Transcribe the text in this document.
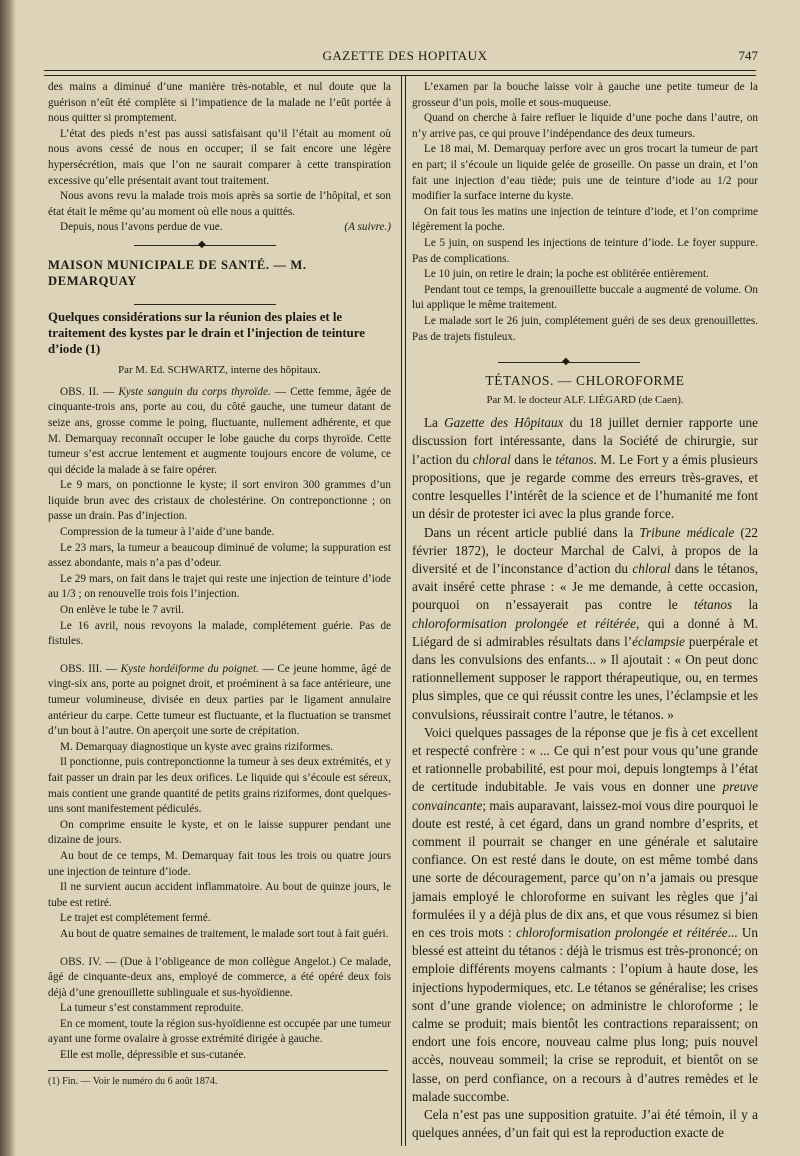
GAZETTE DES HOPITAUX	747

des mains a diminué d’une manière très-notable, et nul doute que la guérison n’eût été complète si l’impatience de la malade ne l’eût portée à nous quitter si promptement.

L’état des pieds n’est pas aussi satisfaisant qu’il l’était au moment où nous avons cessé de nous en occuper; il se fait encore une légère hypersécrétion, mais que l’on ne saurait comparer à cette transpiration excessive qu’elle présentait avant tout traitement.

Nous avons revu la malade trois mois après sa sortie de l’hôpital, et son état était le même qu’au moment où elle nous a quittés.

Depuis, nous l’avons perdue de vue.	(A suivre.)

◆

MAISON MUNICIPALE DE SANTÉ. — M. DEMARQUAY

Quelques considérations sur la réunion des plaies et le traitement des kystes par le drain et l’injection de teinture d’iode (1)

Par M. Ed. SCHWARTZ, interne des hôpitaux.

OBS. II. — Kyste sanguin du corps thyroïde. — Cette femme, âgée de cinquante-trois ans, porte au cou, du côté gauche, une tumeur datant de seize ans, grosse comme le poing, fluctuante, nullement adhérente, et que M. Demarquay reconnaît occuper le lobe gauche du corps thyroïde. Cette tumeur s’est accrue lentement et augmente toujours encore de volume, ce qui décide la malade à se faire opérer.

Le 9 mars, on ponctionne le kyste; il sort environ 300 grammes d’un liquide brun avec des cristaux de cholestérine. On contreponctionne ; on passe un drain. Pas d’injection.

Compression de la tumeur à l’aide d’une bande.

Le 23 mars, la tumeur a beaucoup diminué de volume; la suppuration est assez abondante, mais n’a pas d’odeur.

Le 29 mars, on fait dans le trajet qui reste une injection de teinture d’iode au 1/3 ; on renouvelle trois fois l’injection.

On enlève le tube le 7 avril.

Le 16 avril, nous revoyons la malade, complétement guérie. Pas de fistules.

OBS. III. — Kyste hordéiforme du poignet. — Ce jeune homme, âgé de vingt-six ans, porte au poignet droit, et proéminent à sa face antérieure, une tumeur volumineuse, divisée en deux parties par le ligament annulaire antérieur du carpe. Cette tumeur est fluctuante, et la fluctuation se transmet d’un bout à l’autre. On aperçoit une sorte de crépitation.

M. Demarquay diagnostique un kyste avec grains riziformes.

Il ponctionne, puis contreponctionne la tumeur à ses deux extrémités, et y fait passer un drain par les deux orifices. Le liquide qui s’écoule est séreux, mais contient une grande quantité de petits grains riziformes, dont quelques-uns sont manifestement pédiculés.

On comprime ensuite le kyste, et on le laisse suppurer pendant une dizaine de jours.

Au bout de ce temps, M. Demarquay fait tous les trois ou quatre jours une injection de teinture d’iode.

Il ne survient aucun accident inflammatoire. Au bout de quinze jours, le tube est retiré.

Le trajet est complétement fermé.

Au bout de quatre semaines de traitement, le malade sort tout à fait guéri.

OBS. IV. — (Due à l’obligeance de mon collègue Angelot.) Ce malade, âgé de cinquante-deux ans, employé de commerce, a été opéré deux fois déjà d’une grenouillette sublinguale et sus-hyoïdienne.

La tumeur s’est constamment reproduite.

En ce moment, toute la région sus-hyoïdienne est occupée par une tumeur ayant une forme ovalaire à grosse extrémité dirigée à gauche.

Elle est molle, dépressible et sus-cutanée.

(1) Fin. — Voir le numéro du 6 août 1874.

L’examen par la bouche laisse voir à gauche une petite tumeur de la grosseur d’un pois, molle et sous-muqueuse.

Quand on cherche à faire refluer le liquide d’une poche dans l’autre, on n’y arrive pas, ce qui prouve l’indépendance des deux tumeurs.

Le 18 mai, M. Demarquay perfore avec un gros trocart la tumeur de part en part; il s’écoule un liquide gelée de groseille. On passe un drain, et l’on fait une injection d’eau tiède; puis une de teinture d’iode au 1/2 pour modifier la surface interne du kyste.

On fait tous les matins une injection de teinture d’iode, et l’on comprime légèrement la poche.

Le 5 juin, on suspend les injections de teinture d’iode. Le foyer suppure. Pas de complications.

Le 10 juin, on retire le drain; la poche est oblitérée entièrement.

Pendant tout ce temps, la grenouillette buccale a augmenté de volume. On lui applique le même traitement.

Le malade sort le 26 juin, complétement guéri de ses deux grenouillettes. Pas de trajets fistuleux.

◆

TÉTANOS. — CHLOROFORME

Par M. le docteur ALF. LIÉGARD (de Caen).

La Gazette des Hôpitaux du 18 juillet dernier rapporte une discussion fort intéressante, dans la Société de chirurgie, sur l’action du chloral dans le tétanos. M. Le Fort y a émis plusieurs propositions, que je regarde comme des erreurs très-graves, et contre lesquelles l’intérêt de la science et de l’humanité me font un désir de protester ici avec la plus grande force.

Dans un récent article publié dans la Tribune médicale (22 février 1872), le docteur Marchal de Calvi, à propos de la diversité et de l’inconstance d’action du chloral dans le tétanos, avait inséré cette phrase : « Je me demande, à cette occasion, pourquoi on n’essayerait pas contre le tétanos la chloroformisation prolongée et réitérée, qui a donné à M. Liégard de si admirables résultats dans l’éclampsie puerpérale et dans les convulsions des enfants... » Il ajoutait : « On peut donc rationnellement supposer le rapport thérapeutique, ou, en termes plus simples, que ce qui réussit contre les unes, l’éclampsie et les convulsions, réussirait contre l’autre, le tétanos. »

Voici quelques passages de la réponse que je fis à cet excellent et respecté confrère : « ... Ce qui n’est pour vous qu’une grande et rationnelle probabilité, est pour moi, depuis longtemps à l’état de certitude indubitable. Je vais vous en donner une preuve convaincante; mais auparavant, laissez-moi vous dire pourquoi le doute est resté, à cet égard, dans un grand nombre d’esprits, et comment il pourrait se changer en une générale et salutaire confiance. On est resté dans le doute, on est même tombé dans une sorte de découragement, parce qu’on n’a jamais ou presque jamais employé le chloroforme en suivant les règles que j’ai formulées il y a déjà plus de dix ans, et que vous résumez si bien en ces trois mots : chloroformisation prolongée et réitérée... Un blessé est atteint du tétanos : déjà le trismus est très-prononcé; on emploie différents moyens calmants : l’opium à haute dose, les injections hypodermiques, etc. Le tétanos se généralise; les crises sont d’une grande violence; on administre le chloroforme ; le calme se produit; mais bientôt les contractions reparaissent; on endort une fois encore, nouveau calme plus long; puis nouvel accès, nouveau sommeil; la crise se reproduit, et bientôt on se lasse, on perd confiance, on a recours à d’autres remèdes et le malade succombe.

Cela n’est pas une supposition gratuite. J’ai été témoin, il y a quelques années, d’un fait qui est la reproduction exacte de
